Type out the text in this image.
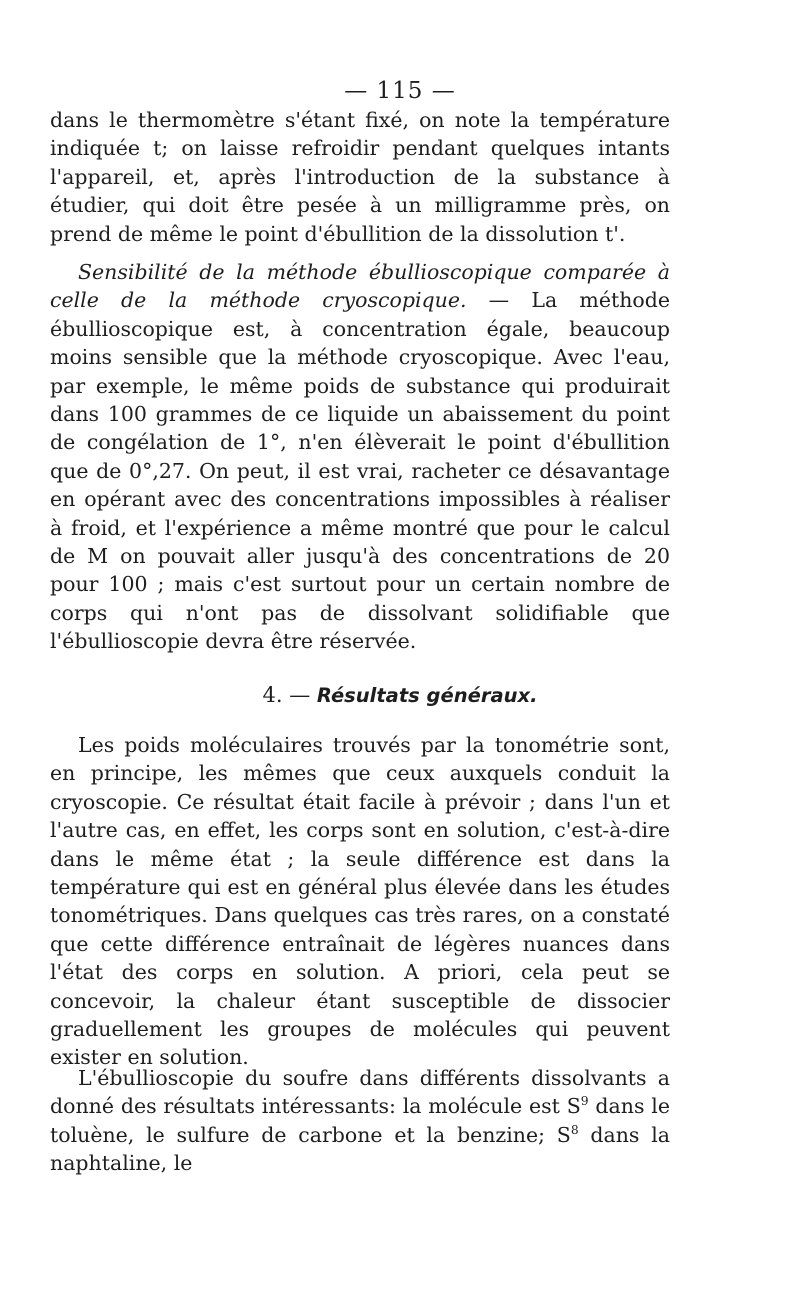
— 115 —

dans le thermomètre s'étant fixé, on note la température indiquée t; on laisse refroidir pendant quelques intants l'appareil, et, après l'introduction de la substance à étudier, qui doit être pesée à un milligramme près, on prend de même le point d'ébullition de la dissolution t'.

Sensibilité de la méthode ébullioscopique comparée à celle de la méthode cryoscopique. — La méthode ébullioscopique est, à concentration égale, beaucoup moins sensible que la méthode cryoscopique. Avec l'eau, par exemple, le même poids de substance qui produirait dans 100 grammes de ce liquide un abaissement du point de congélation de 1°, n'en élèverait le point d'ébullition que de 0°,27. On peut, il est vrai, racheter ce désavantage en opérant avec des concentrations impossibles à réaliser à froid, et l'expérience a même montré que pour le calcul de M on pouvait aller jusqu'à des concentrations de 20 pour 100 ; mais c'est surtout pour un certain nombre de corps qui n'ont pas de dissolvant solidifiable que l'ébullioscopie devra être réservée.

4. — Résultats généraux.

Les poids moléculaires trouvés par la tonométrie sont, en principe, les mêmes que ceux auxquels conduit la cryoscopie. Ce résultat était facile à prévoir ; dans l'un et l'autre cas, en effet, les corps sont en solution, c'est-à-dire dans le même état ; la seule différence est dans la température qui est en général plus élevée dans les études tonométriques. Dans quelques cas très rares, on a constaté que cette différence entraînait de légères nuances dans l'état des corps en solution. A priori, cela peut se concevoir, la chaleur étant susceptible de dissocier graduellement les groupes de molécules qui peuvent exister en solution.

L'ébullioscopie du soufre dans différents dissolvants a donné des résultats intéressants: la molécule est $S^9$ dans le toluène, le sulfure de carbone et la benzine; $S^8$ dans la naphtaline, le
